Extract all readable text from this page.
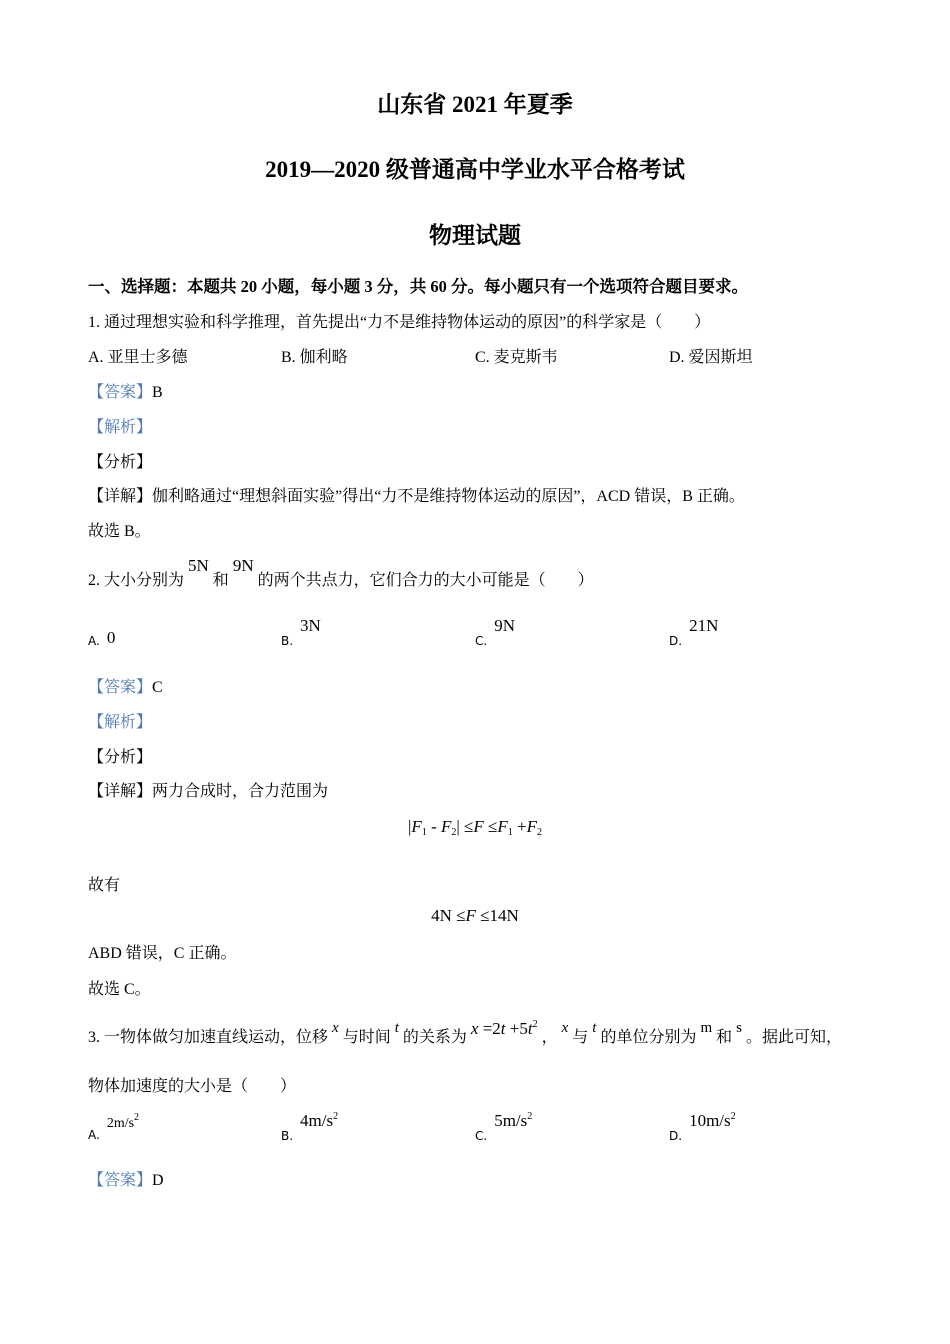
山东省 2021 年夏季
2019—2020 级普通高中学业水平合格考试
物理试题
一、选择题：本题共 20 小题，每小题 3 分，共 60 分。每小题只有一个选项符合题目要求。
1. 通过理想实验和科学推理，首先提出“力不是维持物体运动的原因”的科学家是（　　）
A. 亚里士多德	B. 伽利略	C. 麦克斯韦	D. 爱因斯坦
【答案】B
【解析】
【分析】
【详解】伽利略通过“理想斜面实验”得出“力不是维持物体运动的原因”，ACD 错误，B 正确。
故选 B。
2. 大小分别为5N和9N的两个共点力，它们合力的大小可能是（　　）
A. 0	B.3N
C.9N
D.21N
【答案】C
【解析】
【分析】
【详解】两力合成时，合力范围为
$|F_1 - F_2| \le F \le F_1 +F_2$
故有
4N ≤F ≤14N
ABD 错误，C 正确。
故选 C。
3. 一物体做匀加速直线运动，位移x与时间t的关系为 $x =2t +5t^2$，x与t的单位分别为m和s。据此可知，
物体加速度的大小是（　　）
$A.2m/s^2$
$B.4m/s^2$
$C.5m/s^2$
$D.10m/s^2$
【答案】D
